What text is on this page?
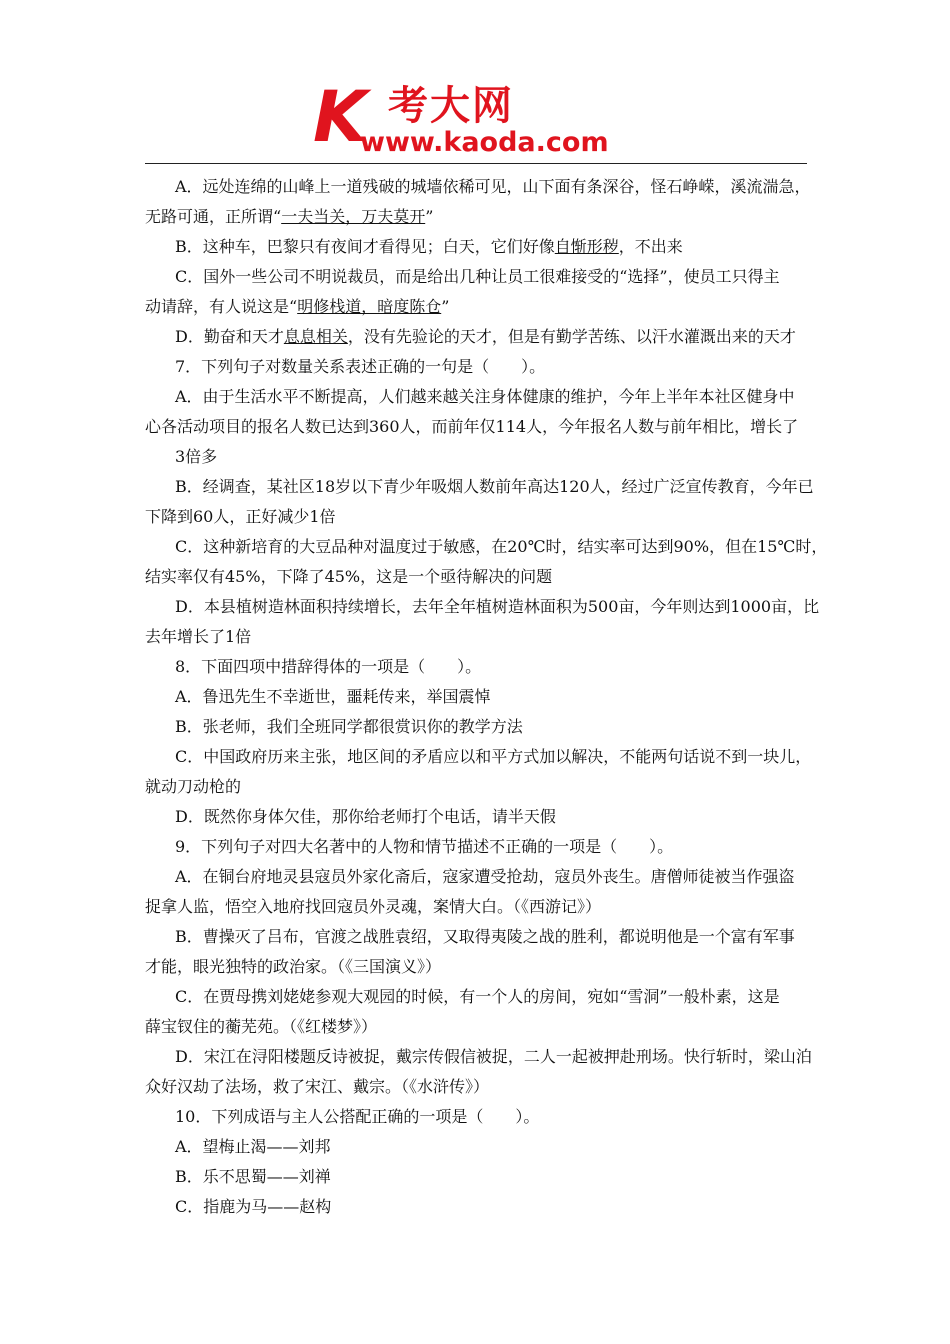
K 考大网
www.kaoda.com
A．远处连绵的山峰上一道残破的城墙依稀可见，山下面有条深谷，怪石峥嵘，溪流湍急，
无路可通，正所谓“一夫当关，万夫莫开”
B．这种车，巴黎只有夜间才看得见；白天，它们好像自惭形秽，不出来
C．国外一些公司不明说裁员，而是给出几种让员工很难接受的“选择”，使员工只得主
动请辞，有人说这是“明修栈道，暗度陈仓”
D．勤奋和天才息息相关，没有先验论的天才，但是有勤学苦练、以汗水灌溉出来的天才
7．下列句子对数量关系表述正确的一句是（　　）。
A．由于生活水平不断提高，人们越来越关注身体健康的维护，今年上半年本社区健身中
心各活动项目的报名人数已达到360人，而前年仅114人，今年报名人数与前年相比，增长了
3倍多
B．经调查，某社区18岁以下青少年吸烟人数前年高达120人，经过广泛宣传教育，今年已
下降到60人，正好减少1倍
C．这种新培育的大豆品种对温度过于敏感，在20℃时，结实率可达到90%，但在15℃时，
结实率仅有45%，下降了45%，这是一个亟待解决的问题
D．本县植树造林面积持续增长，去年全年植树造林面积为500亩，今年则达到1000亩，比
去年增长了1倍
8．下面四项中措辞得体的一项是（　　）。
A．鲁迅先生不幸逝世，噩耗传来，举国震悼
B．张老师，我们全班同学都很赏识你的教学方法
C．中国政府历来主张，地区间的矛盾应以和平方式加以解决，不能两句话说不到一块儿，
就动刀动枪的
D．既然你身体欠佳，那你给老师打个电话，请半天假
9．下列句子对四大名著中的人物和情节描述不正确的一项是（　　）。
A．在铜台府地灵县寇员外家化斋后，寇家遭受抢劫，寇员外丧生。唐僧师徒被当作强盗
捉拿人监，悟空入地府找回寇员外灵魂，案情大白。（《西游记》）
B．曹操灭了吕布，官渡之战胜袁绍，又取得夷陵之战的胜利，都说明他是一个富有军事
才能，眼光独特的政治家。（《三国演义》）
C．在贾母携刘姥姥参观大观园的时候，有一个人的房间，宛如“雪洞”一般朴素，这是
薛宝钗住的蘅芜苑。（《红楼梦》）
D．宋江在浔阳楼题反诗被捉，戴宗传假信被捉，二人一起被押赴刑场。快行斩时，梁山泊
众好汉劫了法场，救了宋江、戴宗。（《水浒传》）
10．下列成语与主人公搭配正确的一项是（　　）。
A．望梅止渴——刘邦
B．乐不思蜀——刘禅
C．指鹿为马——赵构
